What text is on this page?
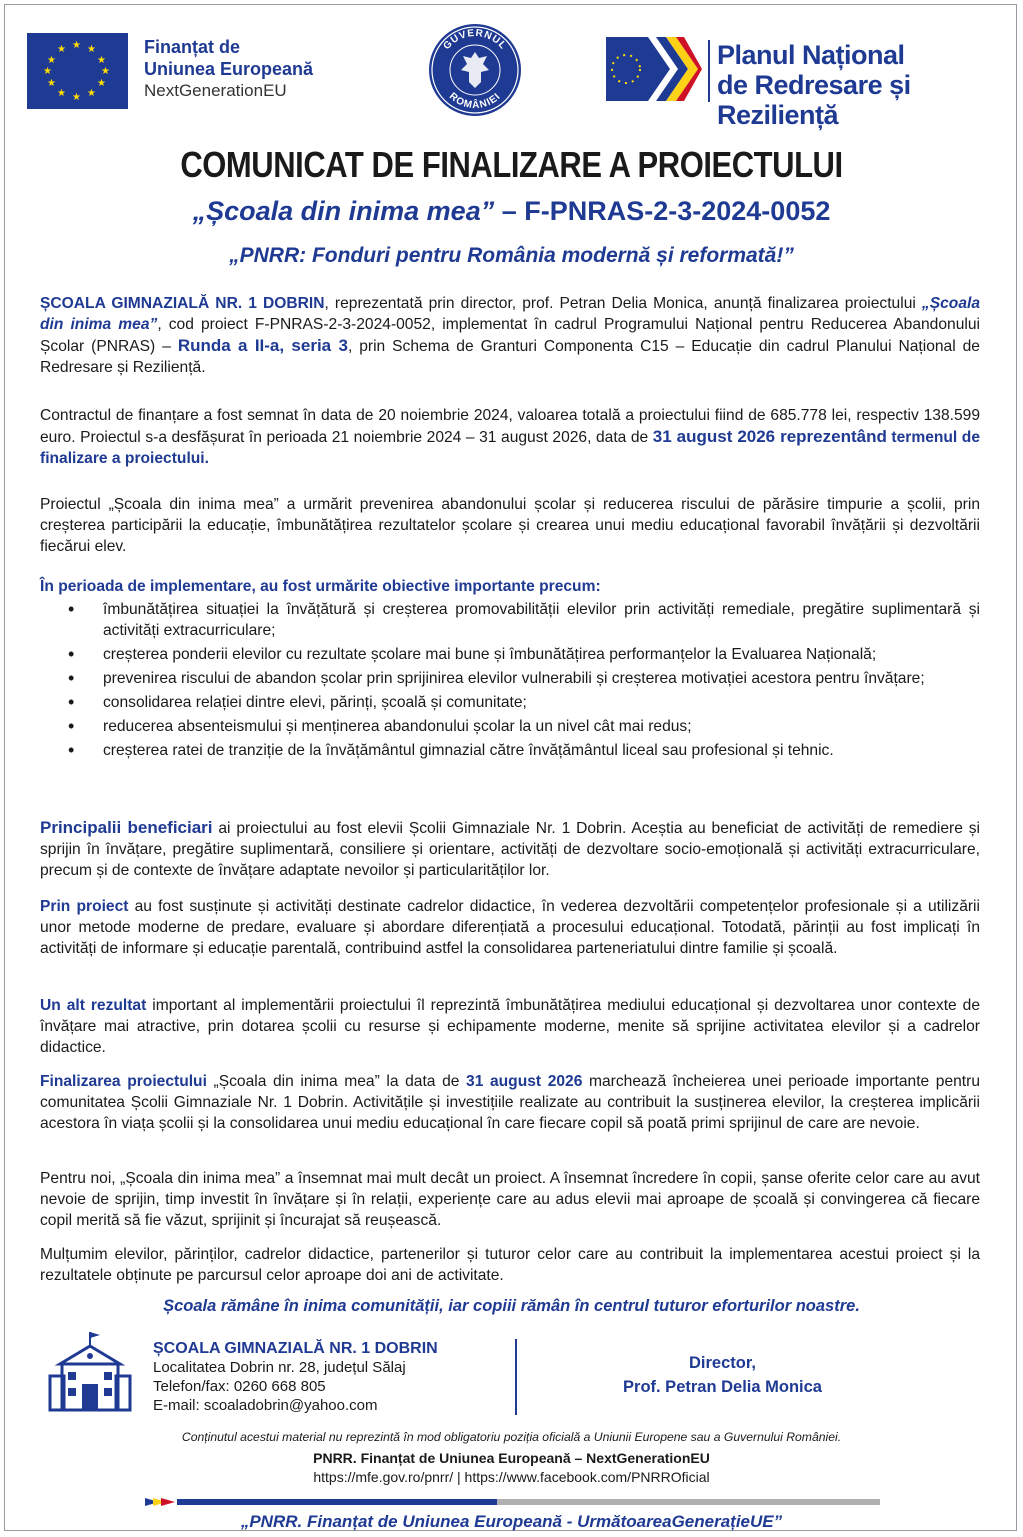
★ ★
★
★
★
★
★
★
★
★
★
★	Finanțat de
Uniunea Europeană
NextGenerationEU
GUVERNUL
ROMÂNIEI
Planul Național
de Redresare și Reziliență
COMUNICAT DE FINALIZARE A PROIECTULUI
„Școala din inima mea” – F-PNRAS-2-3-2024-0052
„PNRR: Fonduri pentru România modernă și reformată!”
ȘCOALA GIMNAZIALĂ NR. 1 DOBRIN, reprezentată prin director, prof. Petran Delia Monica, anunță finalizarea proiectului „Școala din inima mea”, cod proiect F-PNRAS-2-3-2024-0052, implementat în cadrul Programului Național pentru Reducerea Abandonului Școlar (PNRAS) – Runda a II-a, seria 3, prin Schema de Granturi Componenta C15 – Educație din cadrul Planului Național de Redresare și Reziliență.
Contractul de finanțare a fost semnat în data de 20 noiembrie 2024, valoarea totală a proiectului fiind de 685.778 lei, respectiv 138.599 euro. Proiectul s-a desfășurat în perioada 21 noiembrie 2024 – 31 august 2026, data de 31 august 2026 reprezentând termenul de finalizare a proiectului.
Proiectul „Școala din inima mea” a urmărit prevenirea abandonului școlar și reducerea riscului de părăsire timpurie a școlii, prin creșterea participării la educație, îmbunătățirea rezultatelor școlare și crearea unui mediu educațional favorabil învățării și dezvoltării fiecărui elev.
În perioada de implementare, au fost urmărite obiective importante precum:
• îmbunătățirea situației la învățătură și creșterea promovabilității elevilor prin activități remediale, pregătire suplimentară și activități extracurriculare;
• creșterea ponderii elevilor cu rezultate școlare mai bune și îmbunătățirea performanțelor la Evaluarea Națională;
• prevenirea riscului de abandon școlar prin sprijinirea elevilor vulnerabili și creșterea motivației acestora pentru învățare;
• consolidarea relației dintre elevi, părinți, școală și comunitate;
• reducerea absenteismului și menținerea abandonului școlar la un nivel cât mai redus;
• creșterea ratei de tranziție de la învățământul gimnazial către învățământul liceal sau profesional și tehnic.
Principalii beneficiari ai proiectului au fost elevii Școlii Gimnaziale Nr. 1 Dobrin. Aceștia au beneficiat de activități de remediere și sprijin în învățare, pregătire suplimentară, consiliere și orientare, activități de dezvoltare socio-emoțională și activități extracurriculare, precum și de contexte de învățare adaptate nevoilor și particularităților lor.
Prin proiect au fost susținute și activități destinate cadrelor didactice, în vederea dezvoltării competențelor profesionale și a utilizării unor metode moderne de predare, evaluare și abordare diferențiată a procesului educațional. Totodată, părinții au fost implicați în activități de informare și educație parentală, contribuind astfel la consolidarea parteneriatului dintre familie și școală.
Un alt rezultat important al implementării proiectului îl reprezintă îmbunătățirea mediului educațional și dezvoltarea unor contexte de învățare mai atractive, prin dotarea școlii cu resurse și echipamente moderne, menite să sprijine activitatea elevilor și a cadrelor didactice.
Finalizarea proiectului „Școala din inima mea” la data de 31 august 2026 marchează încheierea unei perioade importante pentru comunitatea Școlii Gimnaziale Nr. 1 Dobrin. Activitățile și investițiile realizate au contribuit la susținerea elevilor, la creșterea implicării acestora în viața școlii și la consolidarea unui mediu educațional în care fiecare copil să poată primi sprijinul de care are nevoie.
Pentru noi, „Școala din inima mea” a însemnat mai mult decât un proiect. A însemnat încredere în copii, șanse oferite celor care au avut nevoie de sprijin, timp investit în învățare și în relații, experiențe care au adus elevii mai aproape de școală și convingerea că fiecare copil merită să fie văzut, sprijinit și încurajat să reușească.
Mulțumim elevilor, părinților, cadrelor didactice, partenerilor și tuturor celor care au contribuit la implementarea acestui proiect și la rezultatele obținute pe parcursul celor aproape doi ani de activitate.
Școala rămâne în inima comunității, iar copiii rămân în centrul tuturor eforturilor noastre.
ȘCOALA GIMNAZIALĂ NR. 1 DOBRIN
Localitatea Dobrin nr. 28, județul Sălaj
Telefon/fax: 0260 668 805
E-mail: scoaladobrin@yahoo.com
Director,
Prof. Petran Delia Monica
Conținutul acestui material nu reprezintă în mod obligatoriu poziția oficială a Uniunii Europene sau a Guvernului României.
PNRR. Finanțat de Uniunea Europeană – NextGenerationEU
https://mfe.gov.ro/pnrr/ | https://www.facebook.com/PNRROficial
„PNRR. Finanțat de Uniunea Europeană - UrmătoareaGenerațieUE”
